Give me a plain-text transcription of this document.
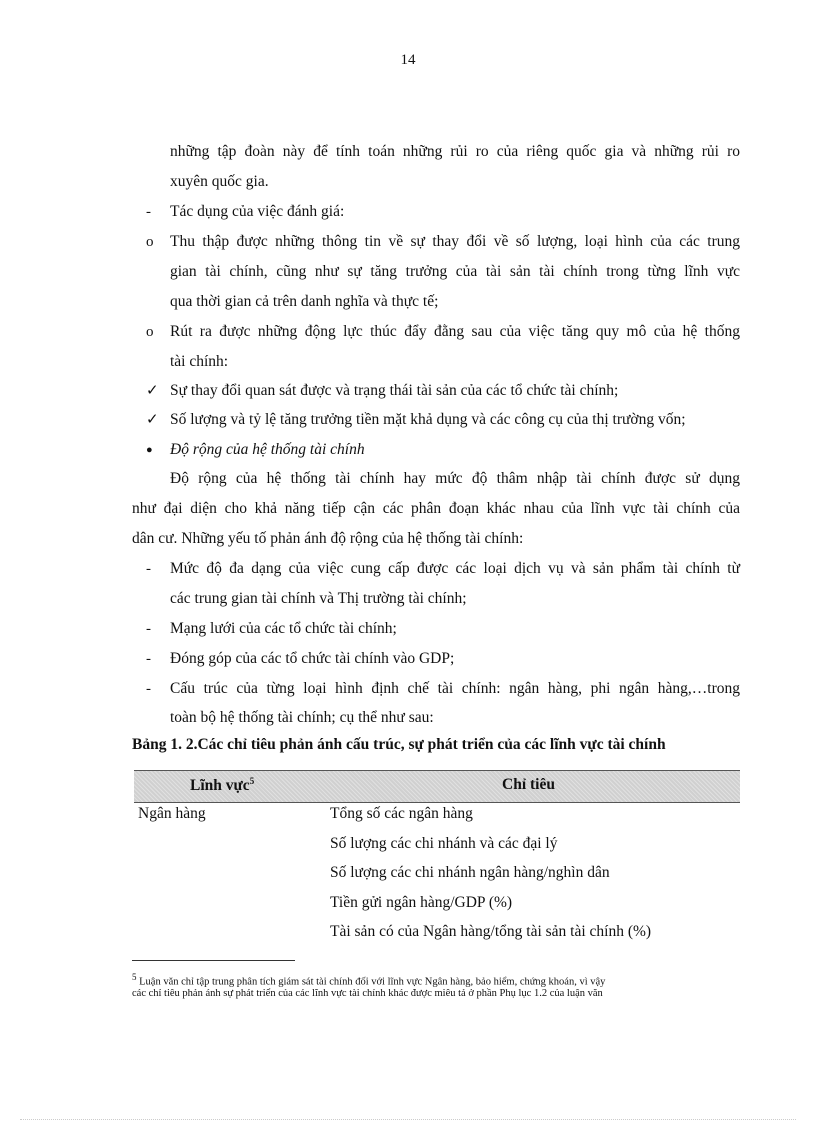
14
những tập đoàn này để tính toán những rủi ro của riêng quốc gia và những rủi ro
xuyên quốc gia.
- Tác dụng của việc đánh giá:
o Thu thập được những thông tin về sự thay đổi về số lượng, loại hình của các trung
gian tài chính, cũng như sự tăng trưởng của tài sản tài chính trong từng lĩnh vực
qua thời gian cả trên danh nghĩa và thực tế;
o Rút ra được những động lực thúc đẩy đằng sau của việc tăng quy mô của hệ thống
tài chính:
✓ Sự thay đổi quan sát được và trạng thái tài sản của các tổ chức tài chính;
✓ Số lượng và tỷ lệ tăng trưởng tiền mặt khả dụng và các công cụ của thị trường vốn;
● Độ rộng của hệ thống tài chính
Độ rộng của hệ thống tài chính hay mức độ thâm nhập tài chính được sử dụng
như đại diện cho khả năng tiếp cận các phân đoạn khác nhau của lĩnh vực tài chính của
dân cư. Những yếu tố phản ánh độ rộng của hệ thống tài chính:
- Mức độ đa dạng của việc cung cấp được các loại dịch vụ và sản phẩm tài chính từ
các trung gian tài chính và Thị trường tài chính;
- Mạng lưới của các tổ chức tài chính;
- Đóng góp của các tổ chức tài chính vào GDP;
- Cấu trúc của từng loại hình định chế tài chính: ngân hàng, phi ngân hàng,…trong
toàn bộ hệ thống tài chính; cụ thể như sau:
Bảng 1. 2.Các chỉ tiêu phản ánh cấu trúc, sự phát triển của các lĩnh vực tài chính
Lĩnh vực$^5$	Chỉ tiêu
Ngân hàng	Tổng số các ngân hàng
Số lượng các chi nhánh và các đại lý
Số lượng các chi nhánh ngân hàng/nghìn dân
Tiền gửi ngân hàng/GDP (%)
Tài sản có của Ngân hàng/tổng tài sản tài chính (%)
5 Luận văn chỉ tập trung phân tích giám sát tài chính đối với lĩnh vực Ngân hàng, bảo hiểm, chứng khoán, vì vậy
các chỉ tiêu phản ánh sự phát triển của các lĩnh vực tài chính khác được miêu tả ở phần Phụ lục 1.2 của luận văn
